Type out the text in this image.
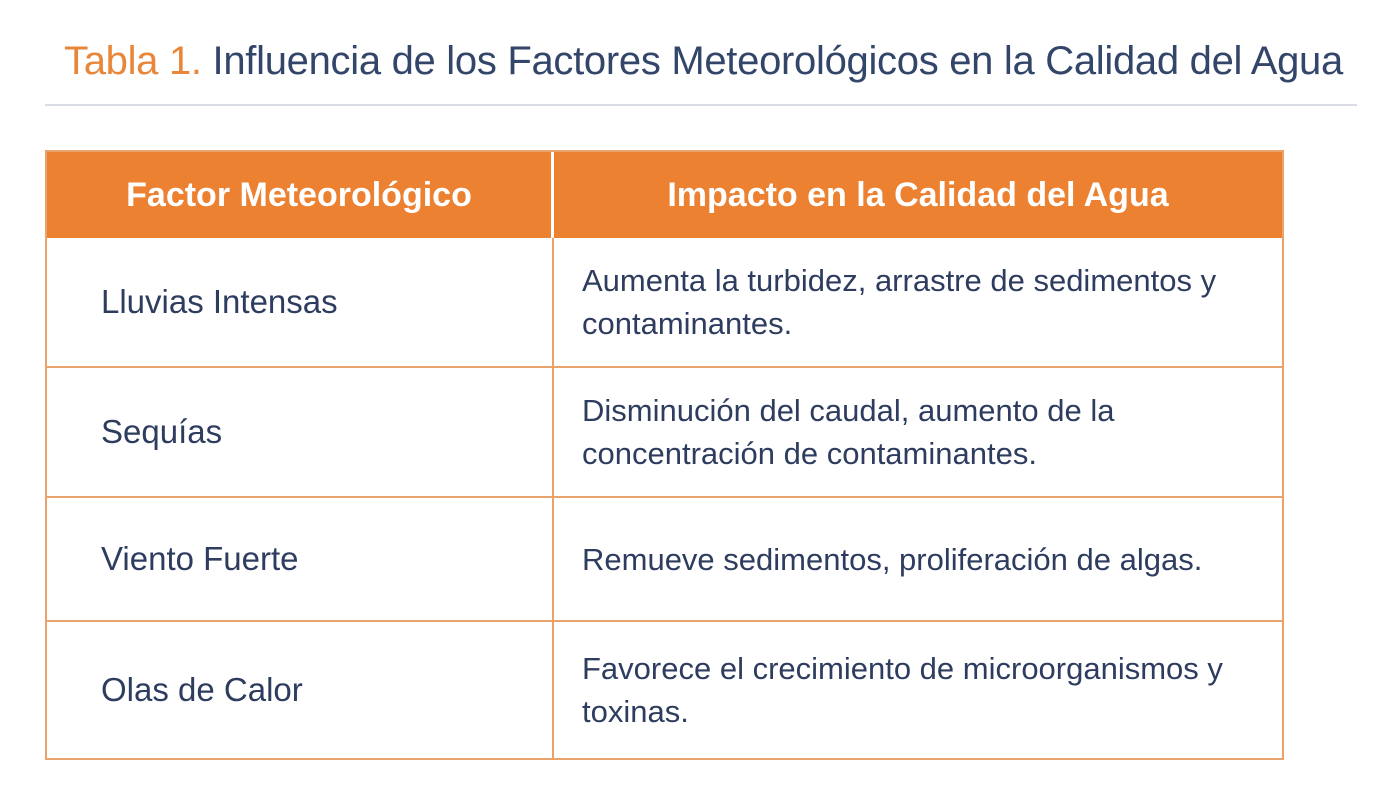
Tabla 1. Influencia de los Factores Meteorológicos en la Calidad del Agua
Factor Meteorológico	Impacto en la Calidad del Agua
Lluvias Intensas
Aumenta la turbidez, arrastre de sedimentos y contaminantes.
Sequías
Disminución del caudal, aumento de la concentración de contaminantes.
Viento Fuerte	Remueve sedimentos, proliferación de algas.
Olas de Calor
Favorece el crecimiento de microorganismos y toxinas.
